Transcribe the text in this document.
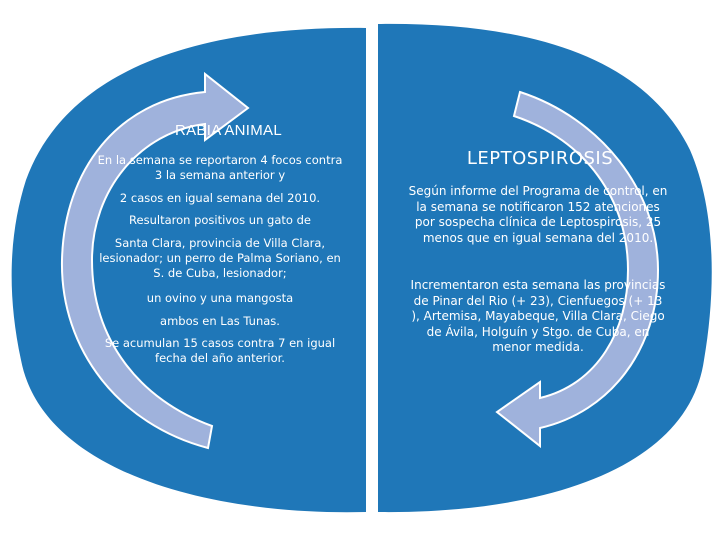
RABIA ANIMAL

En la semana se reportaron 4 focos contra 3 la semana anterior y

2 casos en igual semana del 2010.

Resultaron positivos un gato de

Santa Clara, provincia de Villa Clara, lesionador; un perro de Palma Soriano, en S. de Cuba, lesionador;

un ovino y una mangosta

ambos en Las Tunas.

Se acumulan 15 casos contra 7 en igual fecha del año anterior.

LEPTOSPIROSIS

Según informe del Programa de control, en la semana se notificaron 152 atenciones por sospecha clínica de Leptospirosis, 25 menos que en igual semana del 2010.

Incrementaron esta semana las provincias de Pinar del Rio (+ 23), Cienfuegos (+ 13 ), Artemisa, Mayabeque, Villa Clara, Ciego de Ávila, Holguín y Stgo. de Cuba, en menor medida.
